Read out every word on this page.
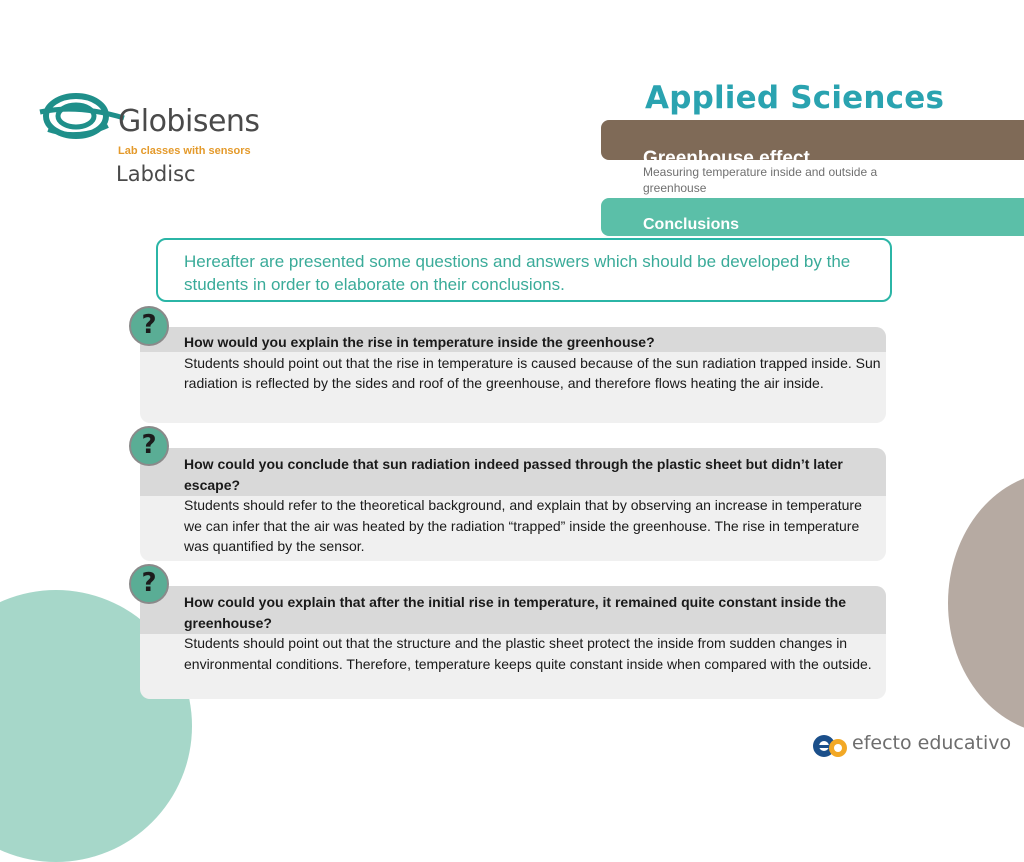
Globisens
Lab classes with sensors
Labdisc
Applied Sciences
Greenhouse effect
Measuring temperature inside and outside a greenhouse
Conclusions
Hereafter are presented some questions and answers which should be developed by the students in order to elaborate on their conclusions.
?
How would you explain the rise in temperature inside the greenhouse?
Students should point out that the rise in temperature is caused because of the sun radiation trapped inside. Sun radiation is reflected by the sides and roof of the greenhouse, and therefore flows heating the air inside.
?
How could you conclude that sun radiation indeed passed through the plastic sheet but didn’t later escape?
Students should refer to the theoretical background, and explain that by observing an increase in temperature we can infer that the air was heated by the radiation “trapped” inside the greenhouse. The rise in temperature was quantified by the sensor.
?
How could you explain that after the initial rise in temperature, it remained quite constant inside the greenhouse?
Students should point out that the structure and the plastic sheet protect the inside from sudden changes in environmental conditions. Therefore, temperature keeps quite constant inside when compared with the outside.
efecto educativo
